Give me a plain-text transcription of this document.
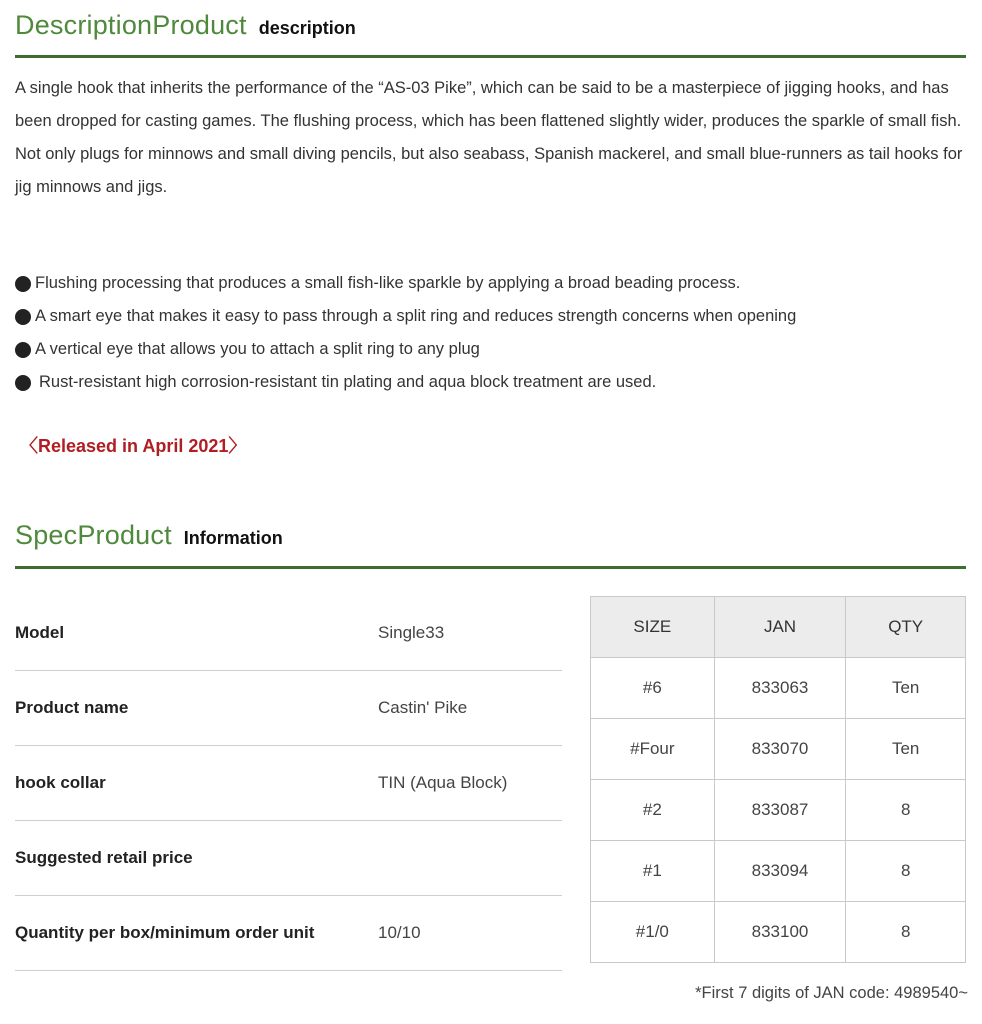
DescriptionProduct description

A single hook that inherits the performance of the “AS-03 Pike”, which can be said to be a masterpiece of jigging hooks, and has been dropped for casting games. The flushing process, which has been flattened slightly wider, produces the sparkle of small fish.

Not only plugs for minnows and small diving pencils, but also seabass, Spanish mackerel, and small blue-runners as tail hooks for jig minnows and jigs.

Flushing processing that produces a small fish-like sparkle by applying a broad beading process.
A smart eye that makes it easy to pass through a split ring and reduces strength concerns when opening
A vertical eye that allows you to attach a split ring to any plug
Rust-resistant high corrosion-resistant tin plating and aqua block treatment are used.
〈Released in April 2021〉
SpecProduct Information
Model	Single33
Product name	Castin' Pike
hook collar	TIN (Aqua Block)
Suggested retail price
Quantity per box/minimum order unit	10/10
SIZE	JAN	QTY
#6	833063	Ten
#Four	833070	Ten
#2	833087	8
#1	833094	8
#1/0	833100	8
*First 7 digits of JAN code: 4989540~
